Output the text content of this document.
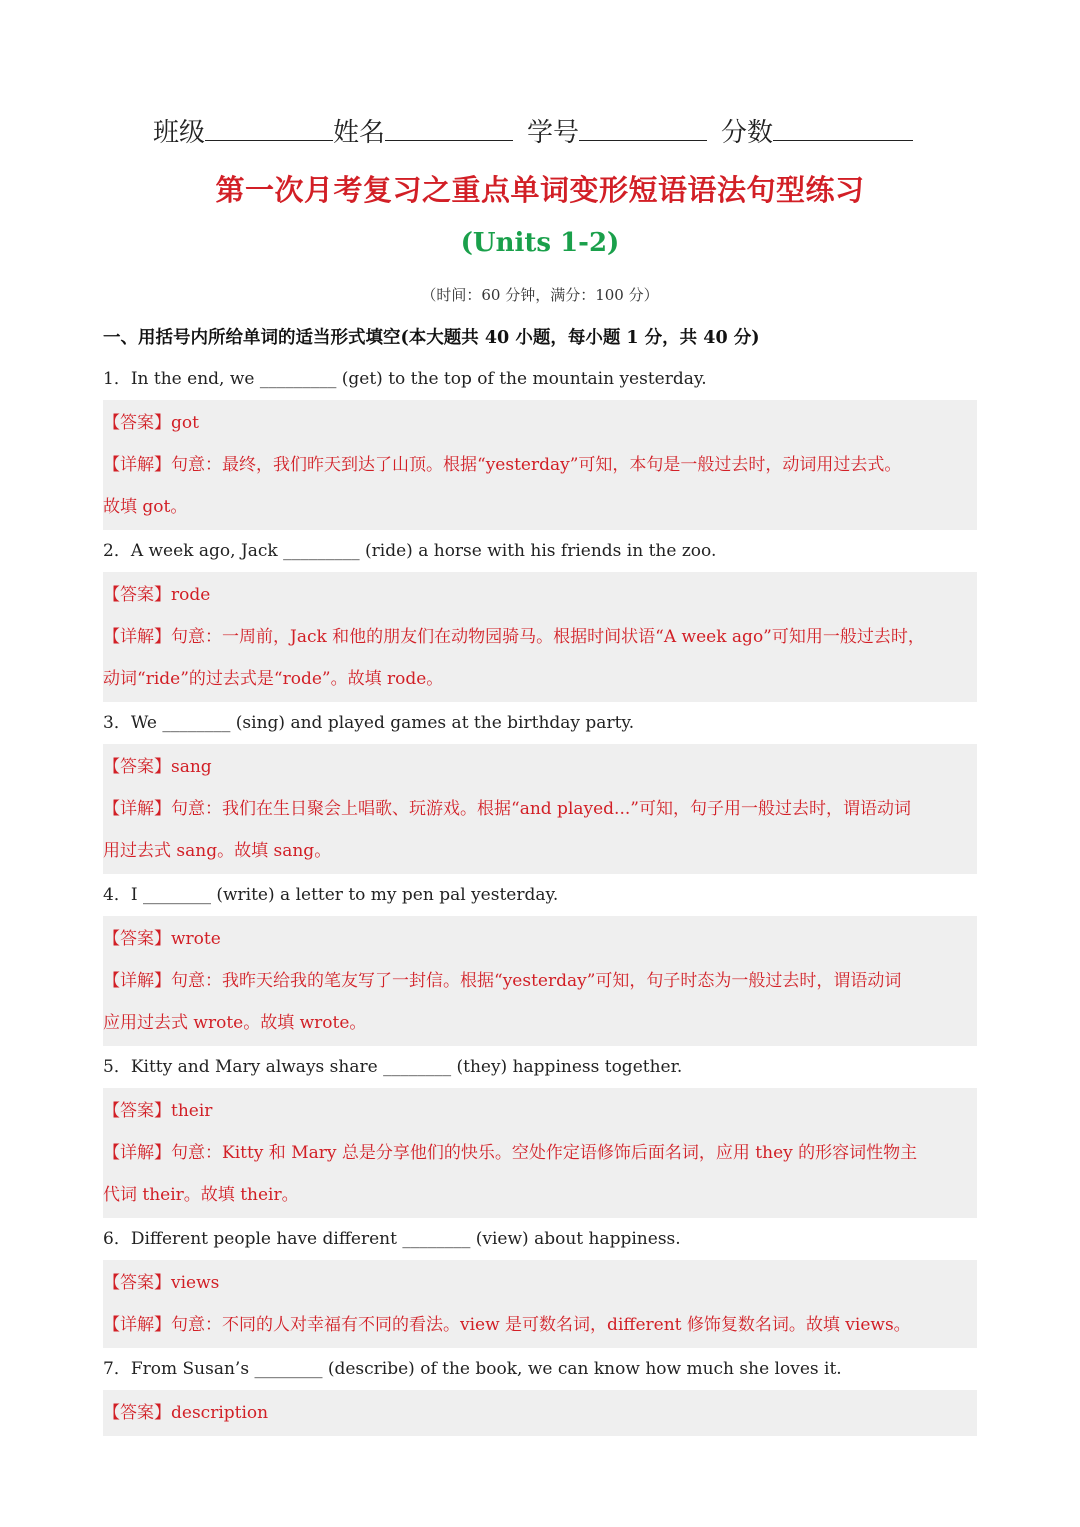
班级	姓名	学号	分数
第一次月考复习之重点单词变形短语语法句型练习
(Units 1-2)
（时间：60 分钟，满分：100 分）
一、用括号内所给单词的适当形式填空(本大题共 40 小题，每小题 1 分，共 40 分)
1．In the end, we _________ (get) to the top of the mountain yesterday.
【答案】got
【详解】句意：最终，我们昨天到达了山顶。根据“yesterday”可知，本句是一般过去时，动词用过去式。
故填 got。
2．A week ago, Jack _________ (ride) a horse with his friends in the zoo.
【答案】rode
【详解】句意：一周前，Jack 和他的朋友们在动物园骑马。根据时间状语“A week ago”可知用一般过去时，
动词“ride”的过去式是“rode”。故填 rode。
3．We ________ (sing) and played games at the birthday party.
【答案】sang
【详解】句意：我们在生日聚会上唱歌、玩游戏。根据“and played...”可知，句子用一般过去时，谓语动词
用过去式 sang。故填 sang。
4．I ________ (write) a letter to my pen pal yesterday.
【答案】wrote
【详解】句意：我昨天给我的笔友写了一封信。根据“yesterday”可知，句子时态为一般过去时，谓语动词
应用过去式 wrote。故填 wrote。
5．Kitty and Mary always share ________ (they) happiness together.
【答案】their
【详解】句意：Kitty 和 Mary 总是分享他们的快乐。空处作定语修饰后面名词，应用 they 的形容词性物主
代词 their。故填 their。
6．Different people have different ________ (view) about happiness.
【答案】views
【详解】句意：不同的人对幸福有不同的看法。view 是可数名词，different 修饰复数名词。故填 views。
7．From Susan’s ________ (describe) of the book, we can know how much she loves it.
【答案】description
